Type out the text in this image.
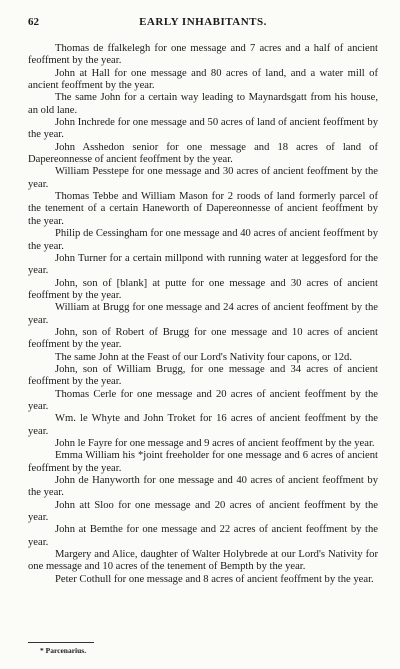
62	EARLY INHABITANTS.

Thomas de ffalkelegh for one message and 7 acres and a half of ancient feoffment by the year.

John at Hall for one message and 80 acres of land, and a water mill of ancient feoffment by the year.

The same John for a certain way leading to Maynardsgatt from his house, an old lane.

John Inchrede for one message and 50 acres of land of ancient feoffment by the year.

John Asshedon senior for one message and 18 acres of land of Dapereonnesse of ancient feoffment by the year.

William Pesstepe for one message and 30 acres of ancient feoffment by the year.

Thomas Tebbe and William Mason for 2 roods of land formerly parcel of the tenement of a certain Haneworth of Dapereonnesse of ancient feoffment by the year.

Philip de Cessingham for one message and 40 acres of ancient feoffment by the year.

John Turner for a certain millpond with running water at leggesford for the year.

John, son of [blank] at putte for one message and 30 acres of ancient feoffment by the year.

William at Brugg for one message and 24 acres of ancient feoffment by the year.

John, son of Robert of Brugg for one message and 10 acres of ancient feoffment by the year.

The same John at the Feast of our Lord's Nativity four capons, or 12d.

John, son of William Brugg, for one message and 34 acres of ancient feoffment by the year.

Thomas Cerle for one message and 20 acres of ancient feoffment by the year.

Wm. le Whyte and John Troket for 16 acres of ancient feoffment by the year.

John le Fayre for one message and 9 acres of ancient feoffment by the year.

Emma William his *joint freeholder for one message and 6 acres of ancient feoffment by the year.

John de Hanyworth for one message and 40 acres of ancient feoffment by the year.

John att Sloo for one message and 20 acres of ancient feoffment by the year.

John at Bemthe for one message and 22 acres of ancient feoffment by the year.

Margery and Alice, daughter of Walter Holybrede at our Lord's Nativity for one message and 10 acres of the tenement of Bempth by the year.

Peter Cothull for one message and 8 acres of ancient feoffment by the year.

* Parcenarius.
